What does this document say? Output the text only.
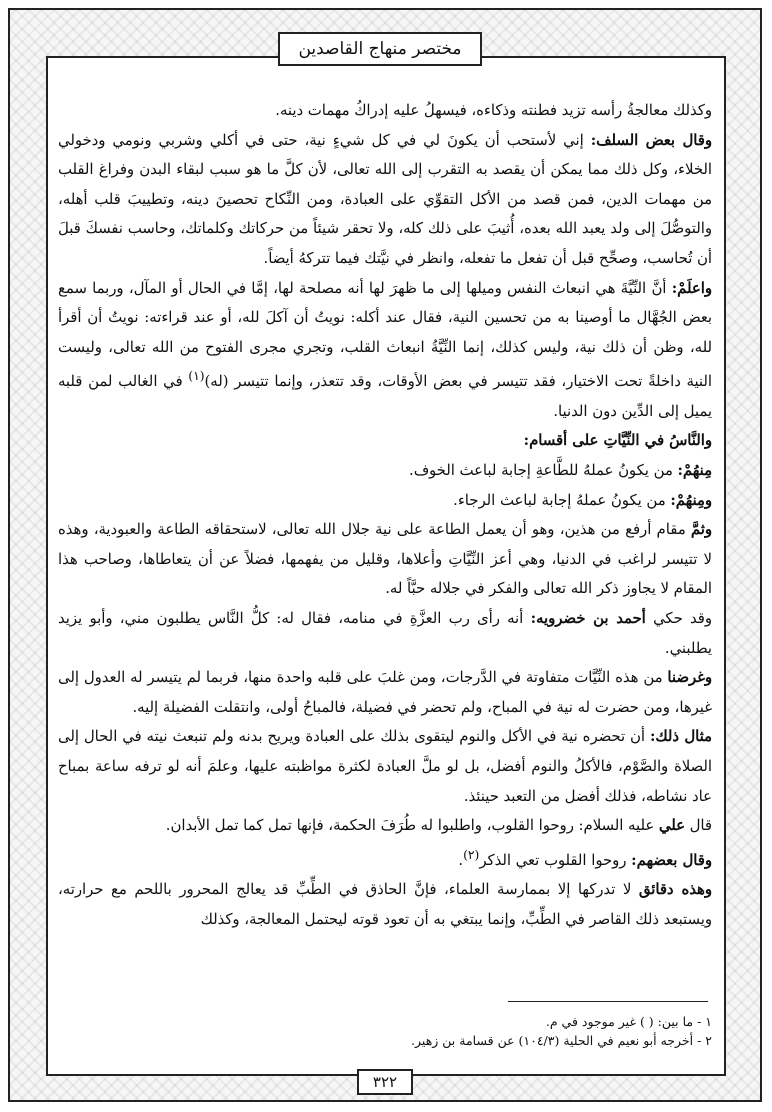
مختصر منهاج القاصدين

وكذلك معالجةُ رأسه تزيد فطنته وذكاءه، فيسهلُ عليه إدراكُ مهمات دينه.

وقال بعض السلف: إني لأستحب أن يكونَ لي في كل شيءٍ نية، حتى في أكلي وشربي ونومي ودخولي الخلاء، وكل ذلك مما يمكن أن يقصد به التقرب إلى الله تعالى، لأن كلَّ ما هو سبب لبقاء البدن وفراغ القلب من مهمات الدين، فمن قصد من الأكل التقوِّي على العبادة، ومن النِّكاح تحصينَ دينه، وتطييبَ قلب أهله، والتوصُّلَ إلى ولد يعبد الله بعده، أُثيبَ على ذلك كله، ولا تحقر شيئاً من حركاتك وكلماتك، وحاسب نفسكَ قبلَ أن تُحاسب، وصحِّح قبل أن تفعل ما تفعله، وانظر في نيَّتك فيما تتركهُ أيضاً.

واعلَمْ: أنَّ النِّيَّةَ هي انبعاث النفس وميلها إلى ما ظهرَ لها أنه مصلحة لها، إمَّا في الحال أو المآل، وربما سمع بعض الجُهَّال ما أوصينا به من تحسين النية، فقال عند أكله: نويتُ أن آكلَ لله، أو عند قراءته: نويتُ أن أقرأ لله، وظن أن ذلك نية، وليس كذلك، إنما النِّيَّةُ انبعاث القلب، وتجري مجرى الفتوح من الله تعالى، وليست النية داخلةً تحت الاختيار، فقد تتيسر في بعض الأوقات، وقد تتعذر، وإنما تتيسر (له)$^{(١)}$ في الغالب لمن قلبه يميل إلى الدِّين دون الدنيا.

والنَّاسُ في النِّيَّاتِ على أقسام:

مِنهُمْ: من يكونُ عملهُ للطَّاعةِ إجابة لباعث الخوف.

ومِنهُمْ: من يكونُ عملهُ إجابة لباعث الرجاء.

وثمَّ مقام أرفع من هذين، وهو أن يعمل الطاعة على نية جلال الله تعالى، لاستحقاقه الطاعة والعبودية، وهذه لا تتيسر لراغب في الدنيا، وهي أعز النِّيَّاتِ وأعلاها، وقليل من يفهمها، فضلاً عن أن يتعاطاها، وصاحب هذا المقام لا يجاوز ذكر الله تعالى والفكر في جلاله حبَّاً له.

وقد حكي أحمد بن خضرويه: أنه رأى رب العزَّةِ في منامه، فقال له: كلُّ النَّاس يطلبون مني، وأبو يزيد يطلبني.

وغرضنا من هذه النِّيَّات متفاوتة في الدَّرجات، ومن غلبَ على قلبه واحدة منها، فربما لم يتيسر له العدول إلى غيرها، ومن حضرت له نية في المباح، ولم تحضر في فضيلة، فالمباحُ أولى، وانتقلت الفضيلة إليه.

مثال ذلك: أن تحضره نية في الأكل والنوم ليتقوى بذلك على العبادة ويريح بدنه ولم تنبعث نيته في الحال إلى الصلاة والصَّوْم، فالأكلُ والنوم أفضل، بل لو ملَّ العبادة لكثرة مواظبته عليها، وعلمَ أنه لو ترفه ساعة بمباح عاد نشاطه، فذلك أفضل من التعبد حينئذ.

قال علي عليه السلام: روحوا القلوب، واطلبوا له طُرَفَ الحكمة، فإنها تمل كما تمل الأبدان.

وقال بعضهم: روحوا القلوب تعي الذكر$^{(٢)}$.

وهذه دقائق لا تدركها إلا بممارسة العلماء، فإنَّ الحاذق في الطِّبِّ قد يعالج المحرور باللحم مع حرارته، ويستبعد ذلك القاصر في الطِّبِّ، وإنما يبتغي به أن تعود قوته ليحتمل المعالجة، وكذلك

١ - ما بين: ( ) غير موجود في م.

٢ - أخرجه أبو نعيم في الحلية (١٠٤/٣) عن قسامة بن زهير.

٣٢٢
